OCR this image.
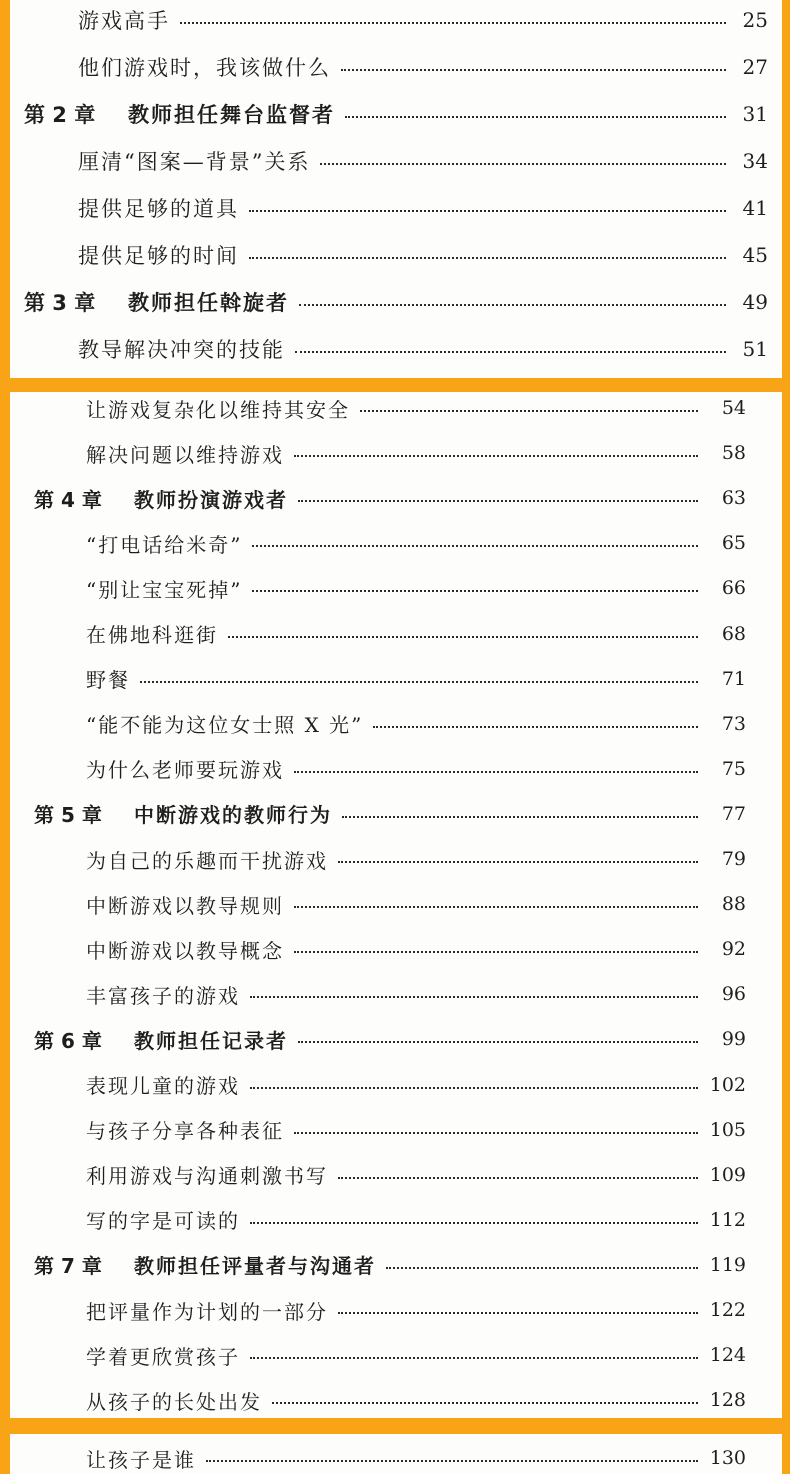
游戏高手	25
他们游戏时，我该做什么	27
第 2 章	教师担任舞台监督者	31
厘清“图案—背景”关系	34
提供足够的道具	41
提供足够的时间	45
第 3 章	教师担任斡旋者	49
教导解决冲突的技能	51
让游戏复杂化以维持其安全	54
解决问题以维持游戏	58
第 4 章	教师扮演游戏者	63
“打电话给米奇”	65
“别让宝宝死掉”	66
在佛地科逛街	68
野餐	71
“能不能为这位女士照 X 光”	73
为什么老师要玩游戏	75
第 5 章	中断游戏的教师行为	77
为自己的乐趣而干扰游戏	79
中断游戏以教导规则	88
中断游戏以教导概念	92
丰富孩子的游戏	96
第 6 章	教师担任记录者	99
表现儿童的游戏	102
与孩子分享各种表征	105
利用游戏与沟通刺激书写	109
写的字是可读的	112
第 7 章	教师担任评量者与沟通者	119
把评量作为计划的一部分	122
学着更欣赏孩子	124
从孩子的长处出发	128
让孩子是谁	130
